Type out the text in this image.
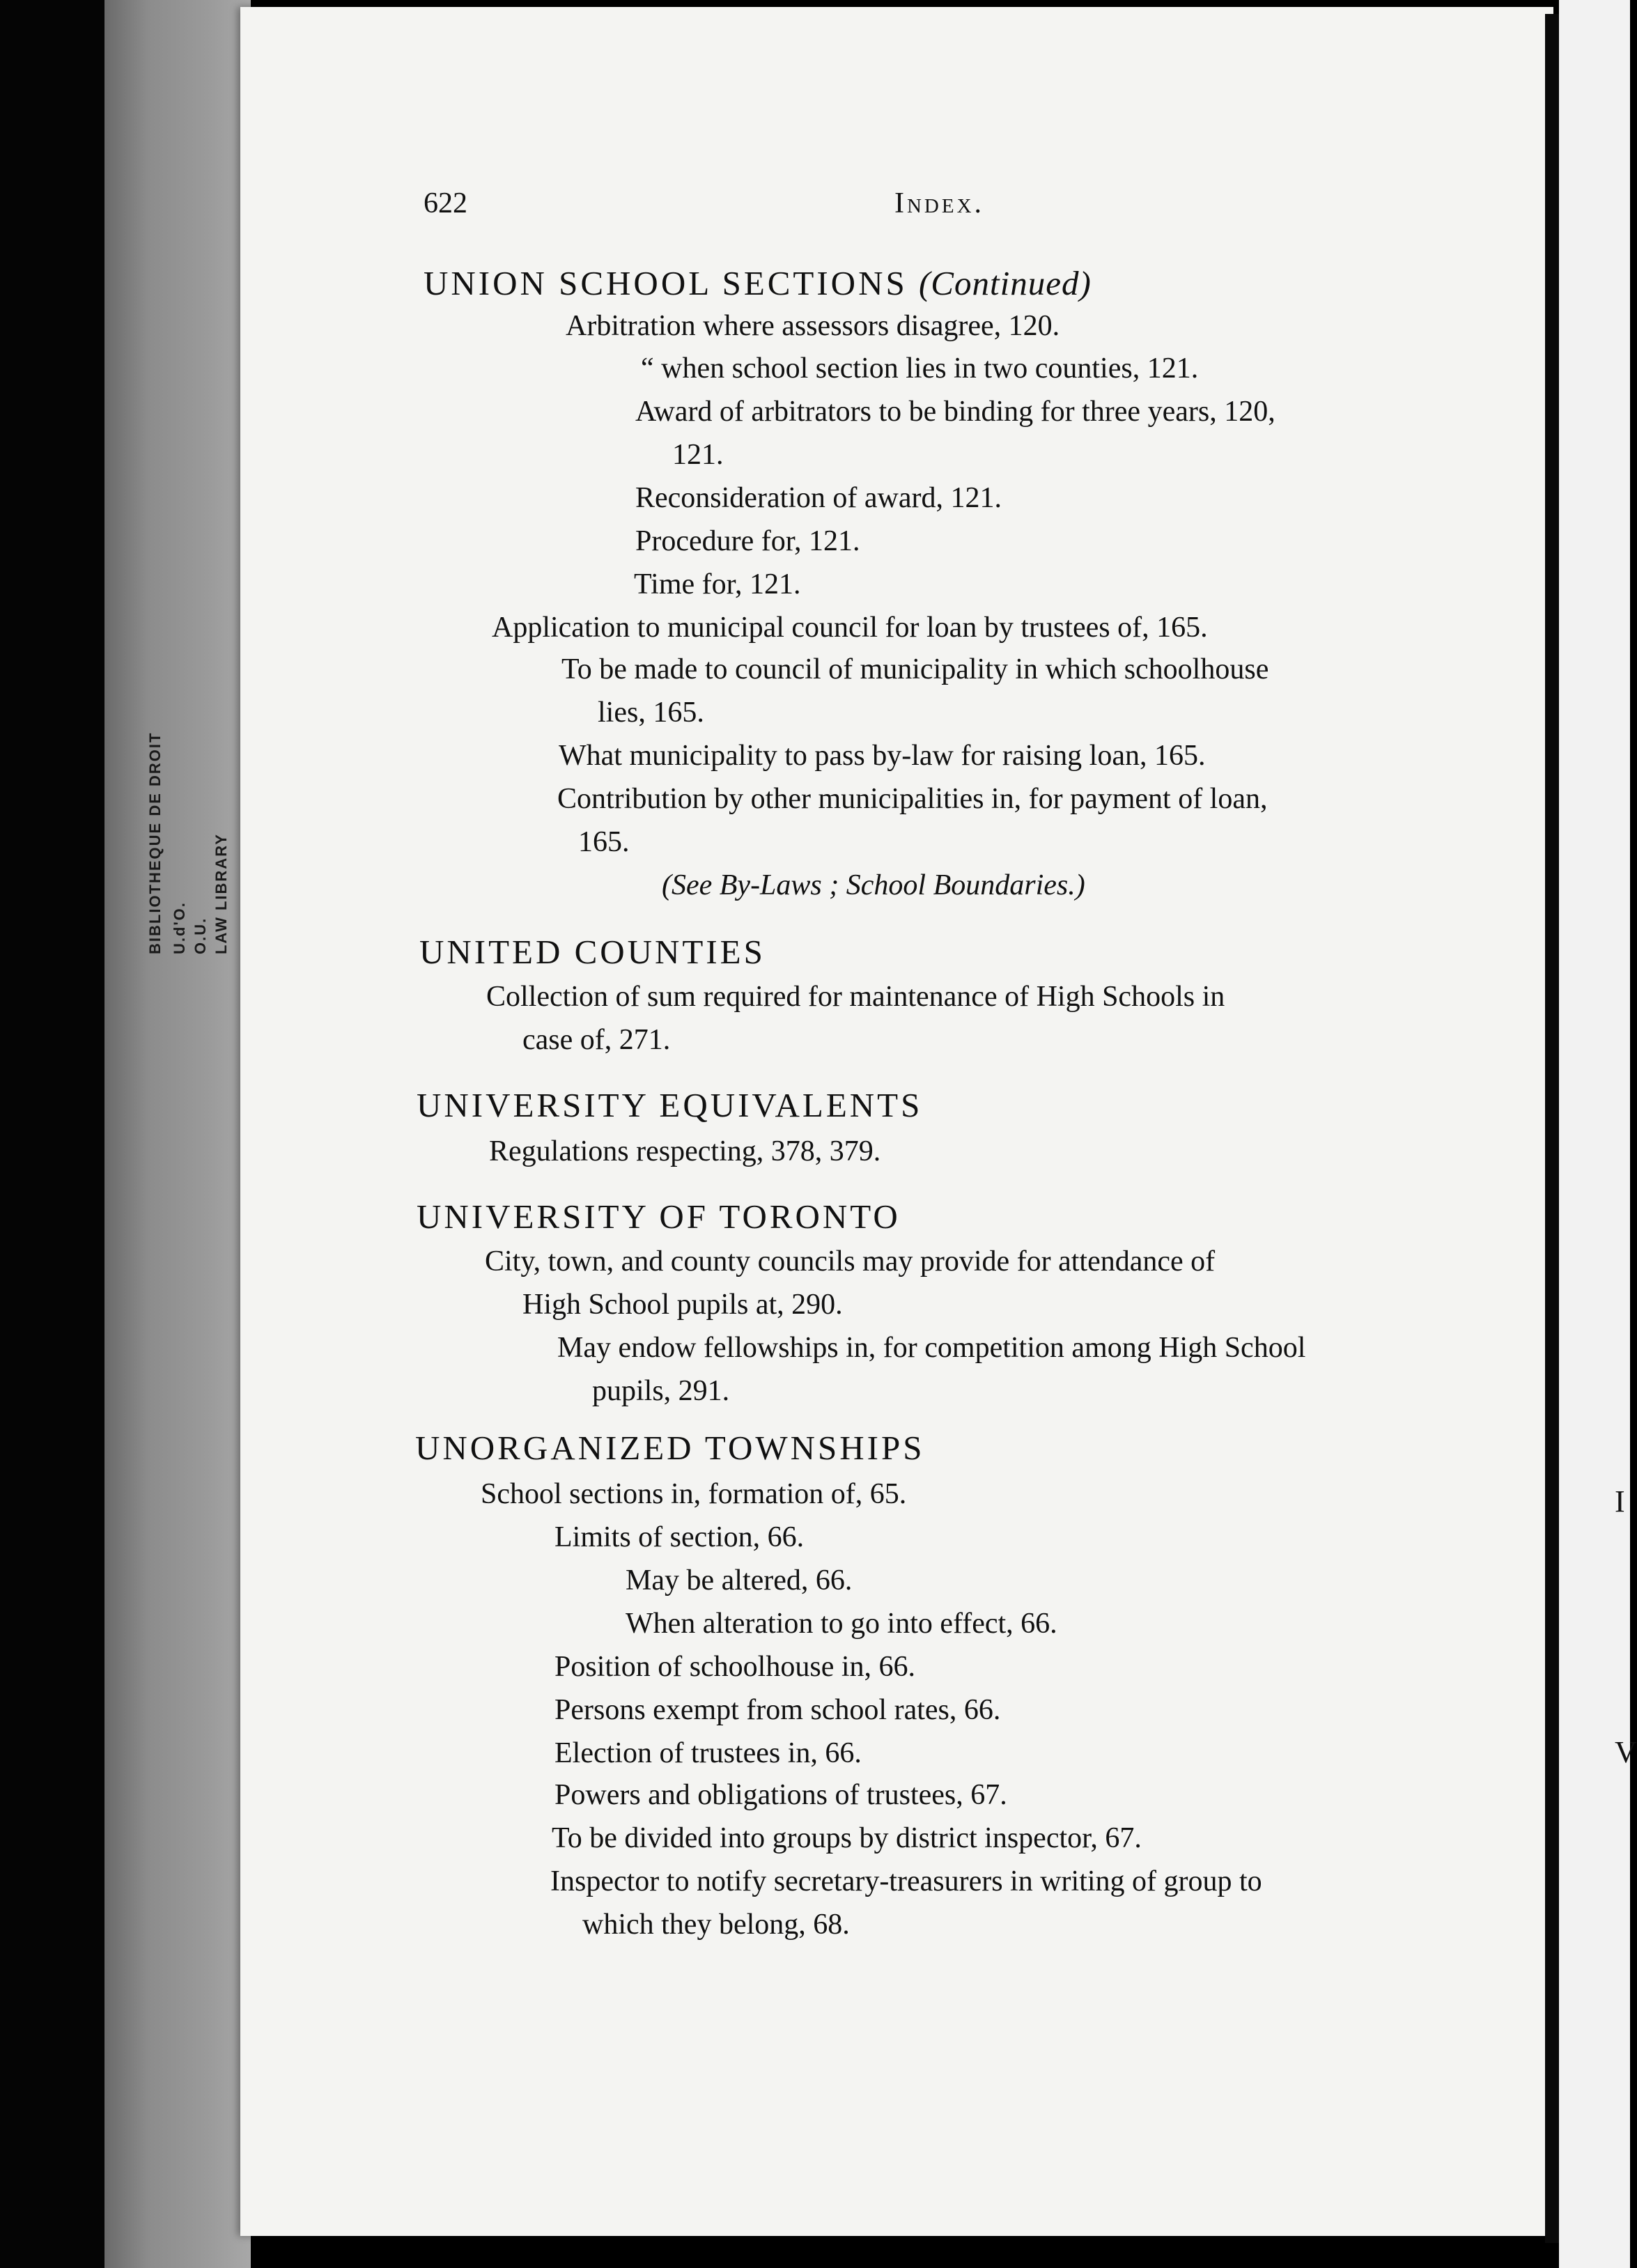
BIBLIOTHEQUE DE DROIT U.d'O. O.U. LAW LIBRARY
I
V
622	Index.
UNION SCHOOL SECTIONS (Continued)
Arbitration where assessors disagree, 120.
“ when school section lies in two counties, 121.
Award of arbitrators to be binding for three years, 120,
121.
Reconsideration of award, 121.
Procedure for, 121.
Time for, 121.
Application to municipal council for loan by trustees of, 165.
To be made to council of municipality in which schoolhouse
lies, 165.
What municipality to pass by-law for raising loan, 165.
Contribution by other municipalities in, for payment of loan,
165.
(See By-Laws ; School Boundaries.)
UNITED COUNTIES
Collection of sum required for maintenance of High Schools in
case of, 271.
UNIVERSITY EQUIVALENTS
Regulations respecting, 378, 379.
UNIVERSITY OF TORONTO
City, town, and county councils may provide for attendance of
High School pupils at, 290.
May endow fellowships in, for competition among High School
pupils, 291.
UNORGANIZED TOWNSHIPS
School sections in, formation of, 65.
Limits of section, 66.
May be altered, 66.
When alteration to go into effect, 66.
Position of schoolhouse in, 66.
Persons exempt from school rates, 66.
Election of trustees in, 66.
Powers and obligations of trustees, 67.
To be divided into groups by district inspector, 67.
Inspector to notify secretary-treasurers in writing of group to
which they belong, 68.
